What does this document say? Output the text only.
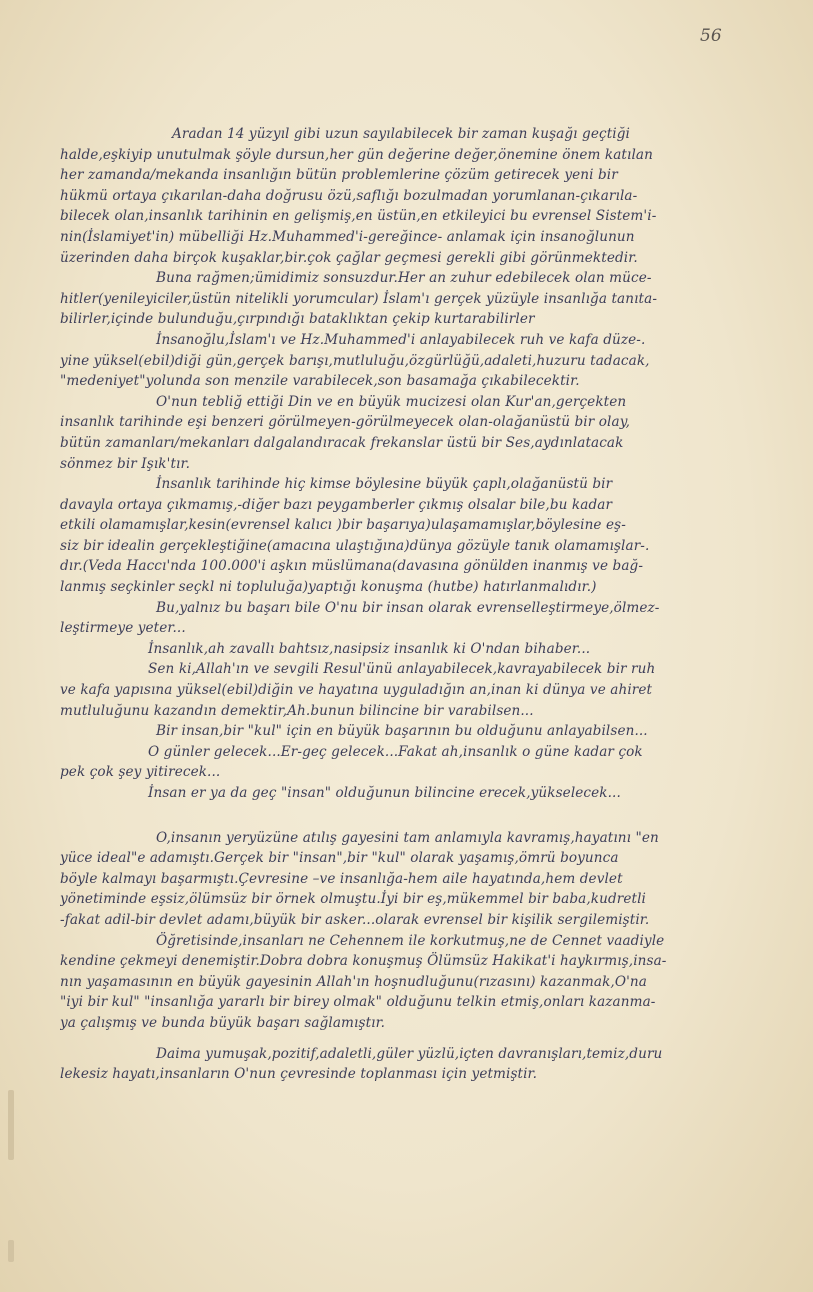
56
Aradan 14 yüzyıl gibi uzun sayılabilecek bir zaman kuşağı geçtiği
halde,eşkiyip unutulmak şöyle dursun,her gün değerine değer,önemine önem katılan
her zamanda/mekanda insanlığın bütün problemlerine çözüm getirecek yeni bir
hükmü ortaya çıkarılan-daha doğrusu özü,saflığı bozulmadan yorumlanan-çıkarıla-
bilecek olan,insanlık tarihinin en gelişmiş,en üstün,en etkileyici bu evrensel Sistem'i-
nin(İslamiyet'in) mübelliği Hz.Muhammed'i-gereğince- anlamak için insanoğlunun
üzerinden daha birçok kuşaklar,bir.çok çağlar geçmesi gerekli gibi görünmektedir.
Buna rağmen;ümidimiz sonsuzdur.Her an zuhur edebilecek olan müce-
hitler(yenileyiciler,üstün nitelikli yorumcular) İslam'ı gerçek yüzüyle insanlığa tanıta-
bilirler,içinde bulunduğu,çırpındığı bataklıktan çekip kurtarabilirler
İnsanoğlu,İslam'ı ve Hz.Muhammed'i anlayabilecek ruh ve kafa düze-.
yine yüksel(ebil)diği gün,gerçek barışı,mutluluğu,özgürlüğü,adaleti,huzuru tadacak,
"medeniyet"yolunda son menzile varabilecek,son basamağa çıkabilecektir.
O'nun tebliğ ettiği Din ve en büyük mucizesi olan Kur'an,gerçekten
insanlık tarihinde eşi benzeri görülmeyen-görülmeyecek olan-olağanüstü bir olay,
bütün zamanları/mekanları dalgalandıracak frekanslar üstü bir Ses,aydınlatacak
sönmez bir Işık'tır.
İnsanlık tarihinde hiç kimse böylesine büyük çaplı,olağanüstü bir
davayla ortaya çıkmamış,-diğer bazı peygamberler çıkmış olsalar bile,bu kadar
etkili olamamışlar,kesin(evrensel kalıcı )bir başarıya)ulaşamamışlar,böylesine eş-
siz bir idealin gerçekleştiğine(amacına ulaştığına)dünya gözüyle tanık olamamışlar-.
dır.(Veda Haccı'nda 100.000'i aşkın müslümana(davasına gönülden inanmış ve bağ-
lanmış seçkinler seçkl ni topluluğa)yaptığı konuşma (hutbe) hatırlanmalıdır.)
Bu,yalnız bu başarı bile O'nu bir insan olarak evrenselleştirmeye,ölmez-
leştirmeye yeter...
İnsanlık,ah zavallı bahtsız,nasipsiz insanlık ki O'ndan bihaber...
Sen ki,Allah'ın ve sevgili Resul'ünü anlayabilecek,kavrayabilecek bir ruh
ve kafa yapısına yüksel(ebil)diğin ve hayatına uyguladığın an,inan ki dünya ve ahiret
mutluluğunu kazandın demektir,Ah.bunun bilincine bir varabilsen...
Bir insan,bir "kul" için en büyük başarının bu olduğunu anlayabilsen...
O günler gelecek...Er-geç gelecek...Fakat ah,insanlık o güne kadar çok
pek çok şey yitirecek...
İnsan er ya da geç "insan" olduğunun bilincine erecek,yükselecek...
O,insanın yeryüzüne atılış gayesini tam anlamıyla kavramış,hayatını "en
yüce ideal"e adamıştı.Gerçek bir "insan",bir "kul" olarak yaşamış,ömrü boyunca
böyle kalmayı başarmıştı.Çevresine –ve insanlığa-hem aile hayatında,hem devlet
yönetiminde eşsiz,ölümsüz bir örnek olmuştu.İyi bir eş,mükemmel bir baba,kudretli
-fakat adil-bir devlet adamı,büyük bir asker...olarak evrensel bir kişilik sergilemiştir.
Öğretisinde,insanları ne Cehennem ile korkutmuş,ne de Cennet vaadiyle
kendine çekmeyi denemiştir.Dobra dobra konuşmuş Ölümsüz Hakikat'i haykırmış,insa-
nın yaşamasının en büyük gayesinin Allah'ın hoşnudluğunu(rızasını) kazanmak,O'na
"iyi bir kul" "insanlığa yararlı bir birey olmak" olduğunu telkin etmiş,onları kazanma-
ya çalışmış ve bunda büyük başarı sağlamıştır.
Daima yumuşak,pozitif,adaletli,güler yüzlü,içten davranışları,temiz,duru
lekesiz hayatı,insanların O'nun çevresinde toplanması için yetmiştir.
